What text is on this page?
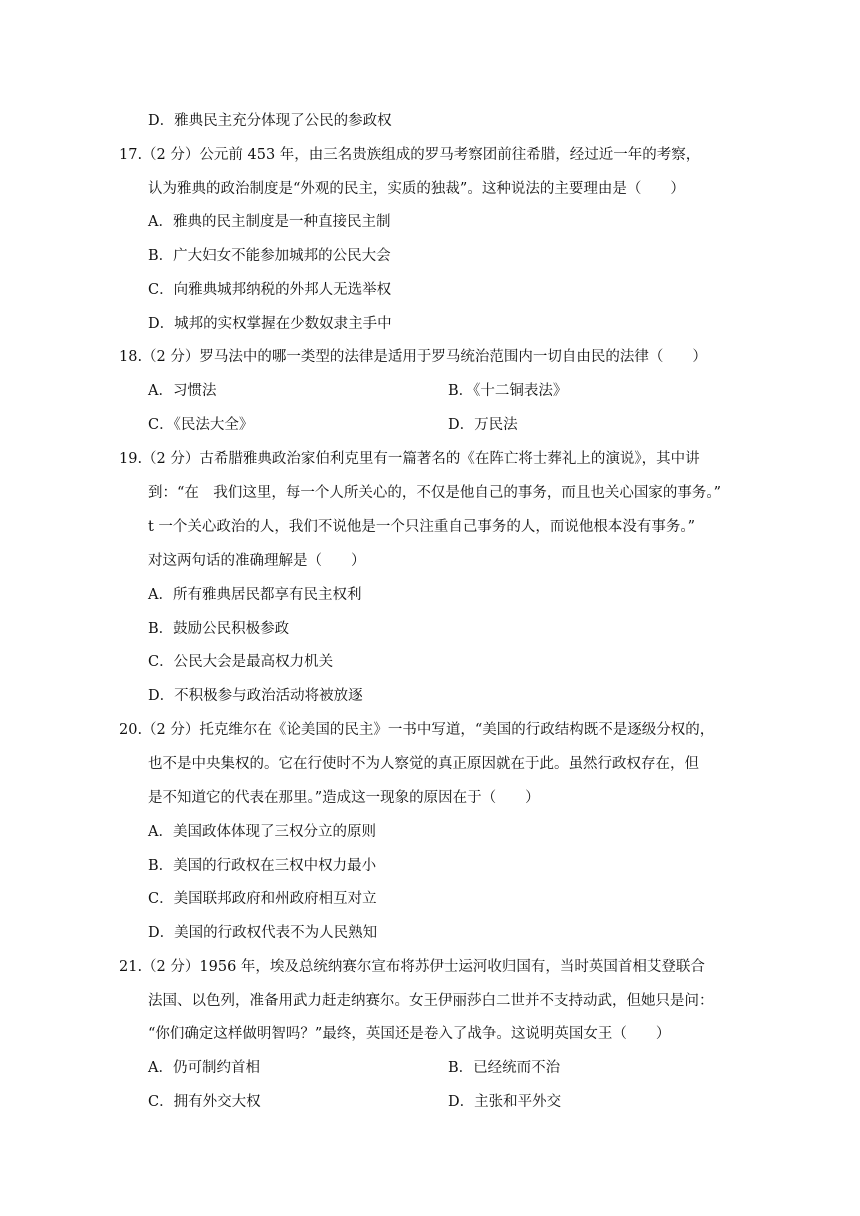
D．雅典民主充分体现了公民的参政权
17.（2 分）公元前 453 年，由三名贵族组成的罗马考察团前往希腊，经过近一年的考察，
认为雅典的政治制度是“外观的民主，实质的独裁”。这种说法的主要理由是（　　）
A．雅典的民主制度是一种直接民主制
B．广大妇女不能参加城邦的公民大会
C．向雅典城邦纳税的外邦人无选举权
D．城邦的实权掌握在少数奴隶主手中
18.（2 分）罗马法中的哪一类型的法律是适用于罗马统治范围内一切自由民的法律（　　）
A．习惯法	B．《十二铜表法》
C．《民法大全》	D．万民法
19.（2 分）古希腊雅典政治家伯利克里有一篇著名的《在阵亡将士葬礼上的演说》，其中讲
到：“在　我们这里，每一个人所关心的，不仅是他自己的事务，而且也关心国家的事务。”
t 一个关心政治的人，我们不说他是一个只注重自己事务的人，而说他根本没有事务。”
对这两句话的准确理解是（　　）
A．所有雅典居民都享有民主权利
B．鼓励公民积极参政
C．公民大会是最高权力机关
D．不积极参与政治活动将被放逐
20.（2 分）托克维尔在《论美国的民主》一书中写道，“美国的行政结构既不是逐级分权的，
也不是中央集权的。它在行使时不为人察觉的真正原因就在于此。虽然行政权存在，但
是不知道它的代表在那里。”造成这一现象的原因在于（　　）
A．美国政体体现了三权分立的原则
B．美国的行政权在三权中权力最小
C．美国联邦政府和州政府相互对立
D．美国的行政权代表不为人民熟知
21.（2 分）1956 年，埃及总统纳赛尔宣布将苏伊士运河收归国有，当时英国首相艾登联合
法国、以色列，准备用武力赶走纳赛尔。女王伊丽莎白二世并不支持动武，但她只是问：
“你们确定这样做明智吗？”最终，英国还是卷入了战争。这说明英国女王（　　）
A．仍可制约首相	B．已经统而不治
C．拥有外交大权	D．主张和平外交
